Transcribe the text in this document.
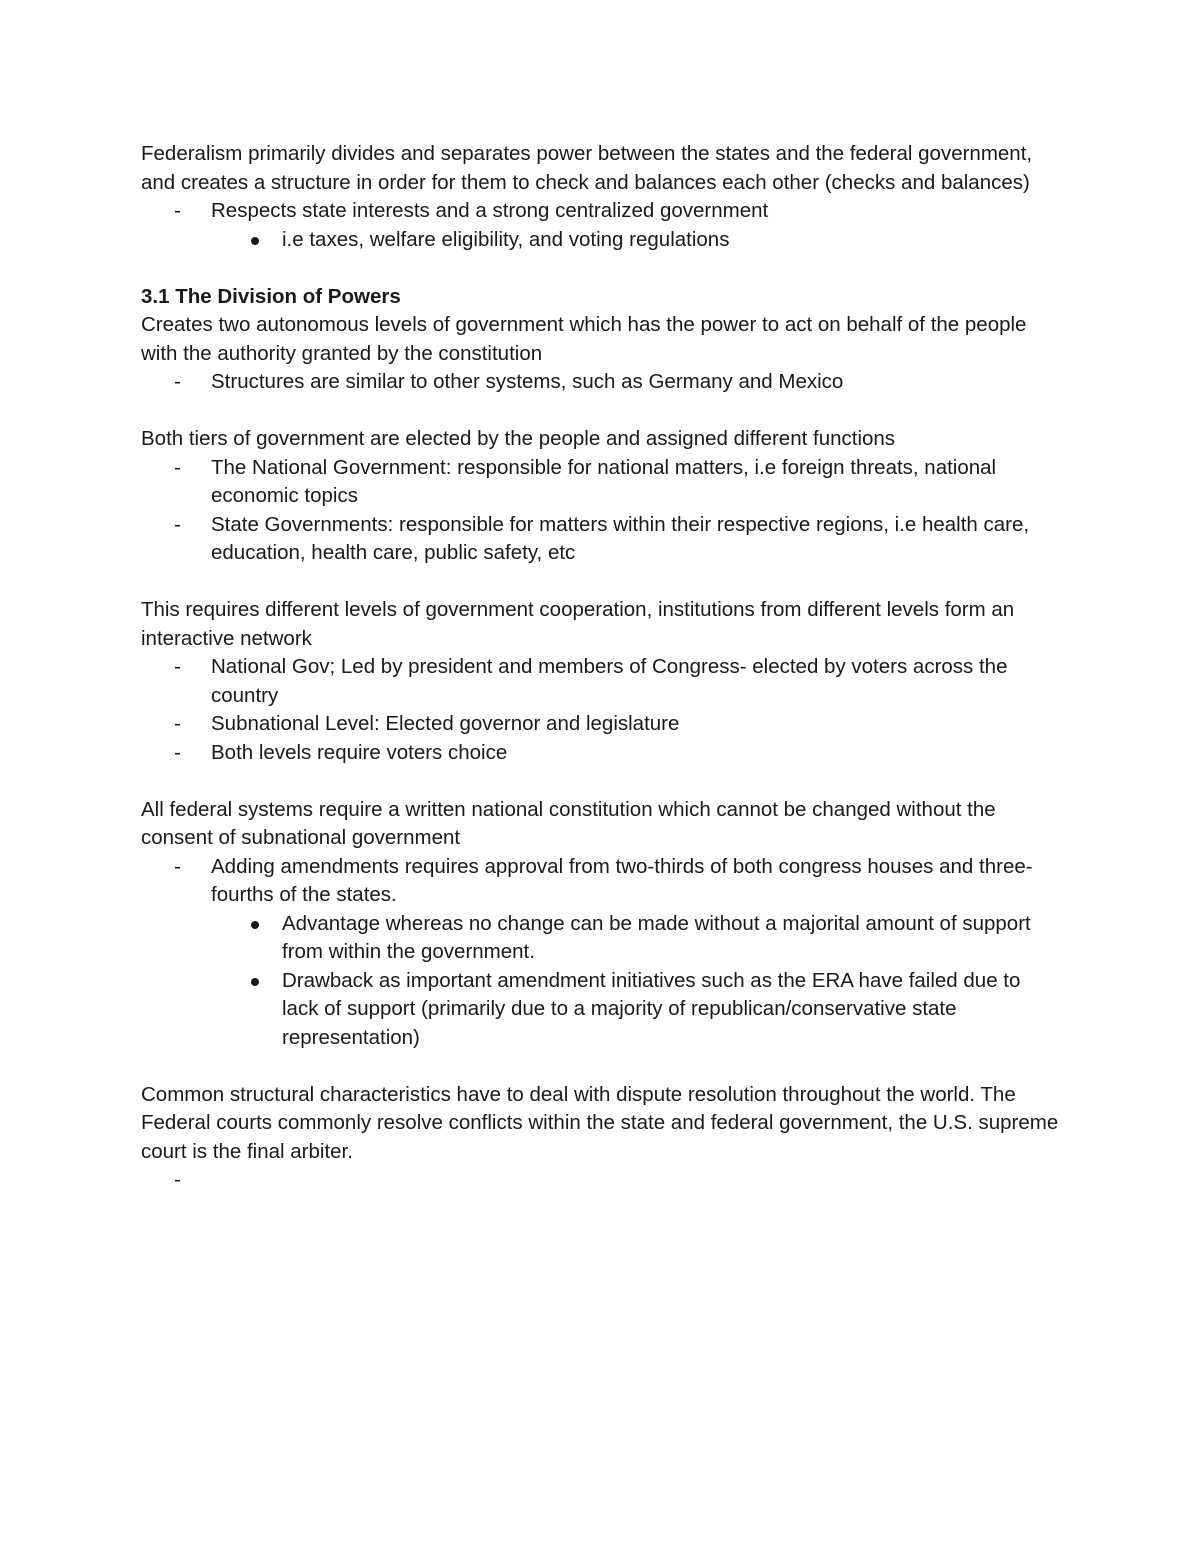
Federalism primarily divides and separates power between the states and the federal government, and creates a structure in order for them to check and balances each other (checks and balances)

- Respects state interests and a strong centralized government
i.e taxes, welfare eligibility, and voting regulations

3.1 The Division of Powers

Creates two autonomous levels of government which has the power to act on behalf of the people with the authority granted by the constitution

- Structures are similar to other systems, such as Germany and Mexico

Both tiers of government are elected by the people and assigned different functions

- The National Government: responsible for national matters, i.e foreign threats, national economic topics
- State Governments: responsible for matters within their respective regions, i.e health care, education, health care, public safety, etc

This requires different levels of government cooperation, institutions from different levels form an interactive network

- National Gov; Led by president and members of Congress- elected by voters across the country
- Subnational Level: Elected governor and legislature
- Both levels require voters choice

All federal systems require a written national constitution which cannot be changed without the consent of subnational government

- Adding amendments requires approval from two-thirds of both congress houses and three-fourths of the states.
Advantage whereas no change can be made without a majorital amount of support from within the government.
Drawback as important amendment initiatives such as the ERA have failed due to lack of support (primarily due to a majority of republican/conservative state representation)

Common structural characteristics have to deal with dispute resolution throughout the world. The Federal courts commonly resolve conflicts within the state and federal government, the U.S. supreme court is the final arbiter.

-
